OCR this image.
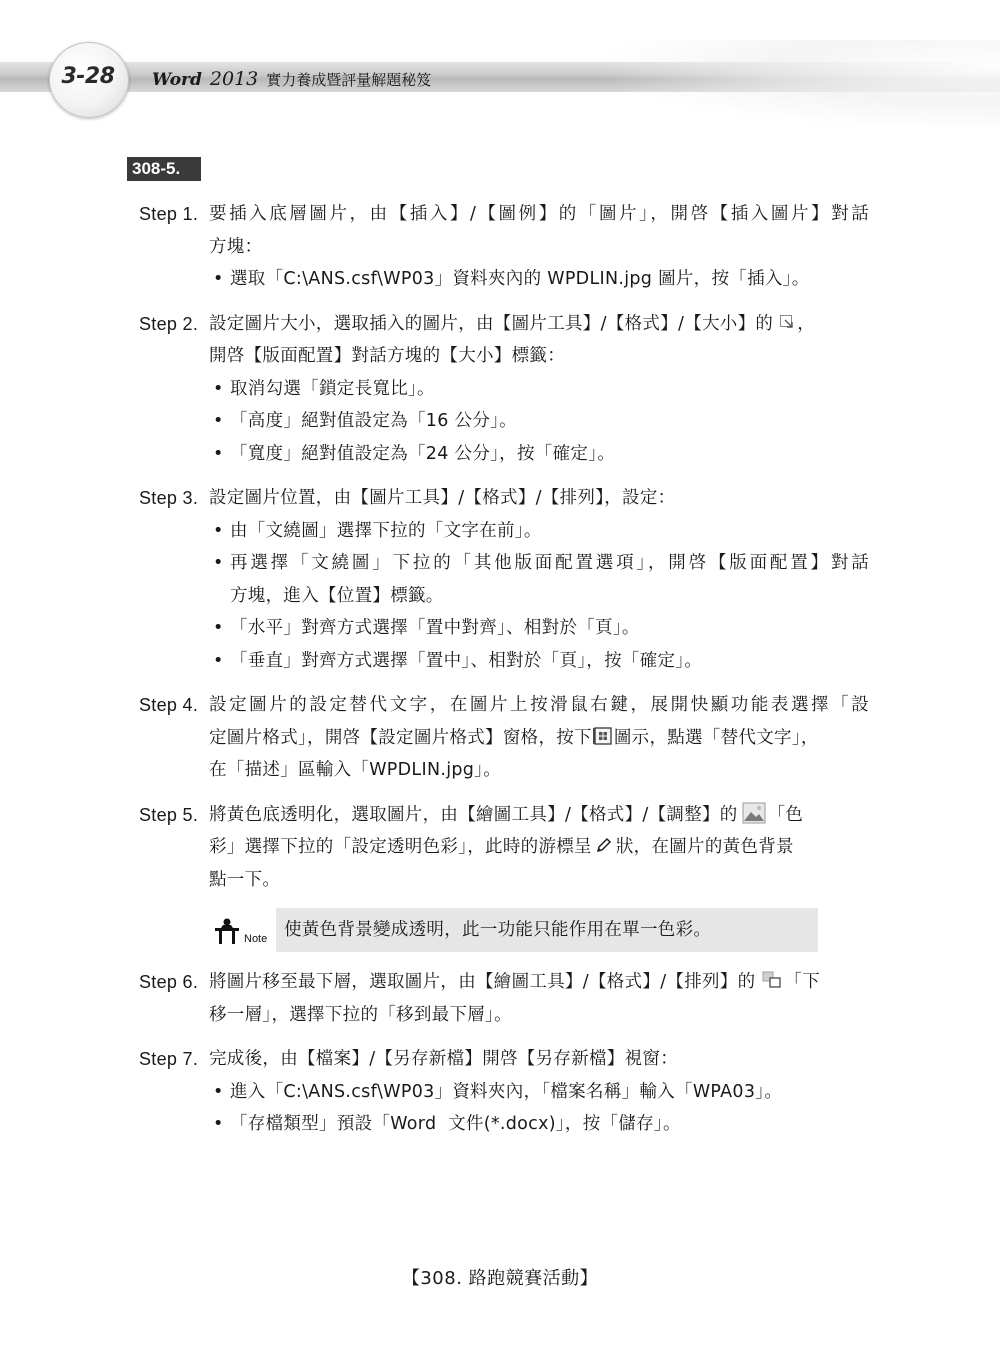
3-28	Word 2013 實力養成暨評量解題秘笈
308-5.
Step 1. 要插入底層圖片，由【插入】/【圖例】的「圖片」，開啓【插入圖片】對話
方塊：
• 選取「C:\ANS.csf\WP03」資料夾內的 WPDLIN.jpg 圖片，按「插入」。
Step 2. 設定圖片大小，選取插入的圖片，由【圖片工具】/【格式】/【大小】的 ，
開啓【版面配置】對話方塊的【大小】標籤：
• 取消勾選「鎖定長寬比」。
• 「高度」絕對值設定為「16 公分」。
• 「寬度」絕對值設定為「24 公分」，按「確定」。
Step 3. 設定圖片位置，由【圖片工具】/【格式】/【排列】，設定：
• 由「文繞圖」選擇下拉的「文字在前」。
• 再選擇「文繞圖」下拉的「其他版面配置選項」，開啓【版面配置】對話
方塊，進入【位置】標籤。
• 「水平」對齊方式選擇「置中對齊」、相對於「頁」。
• 「垂直」對齊方式選擇「置中」、相對於「頁」，按「確定」。
Step 4. 設定圖片的設定替代文字，在圖片上按滑鼠右鍵，展開快顯功能表選擇「設
定圖片格式」，開啓【設定圖片格式】窗格，按下 圖示，點選「替代文字」，
在「描述」區輸入「WPDLIN.jpg」。
Step 5. 將黃色底透明化，選取圖片，由【繪圖工具】/【格式】/【調整】的 「色
彩」選擇下拉的「設定透明色彩」，此時的游標呈 狀，在圖片的黃色背景
點一下。
Note 使黃色背景變成透明，此一功能只能作用在單一色彩。
Step 6. 將圖片移至最下層，選取圖片，由【繪圖工具】/【格式】/【排列】的 「下
移一層」，選擇下拉的「移到最下層」。
Step 7. 完成後，由【檔案】/【另存新檔】開啓【另存新檔】視窗：
• 進入「C:\ANS.csf\WP03」資料夾內，「檔案名稱」輸入「WPA03」。
• 「存檔類型」預設「Word  文件(*.docx)」，按「儲存」。
【308. 路跑競賽活動】
